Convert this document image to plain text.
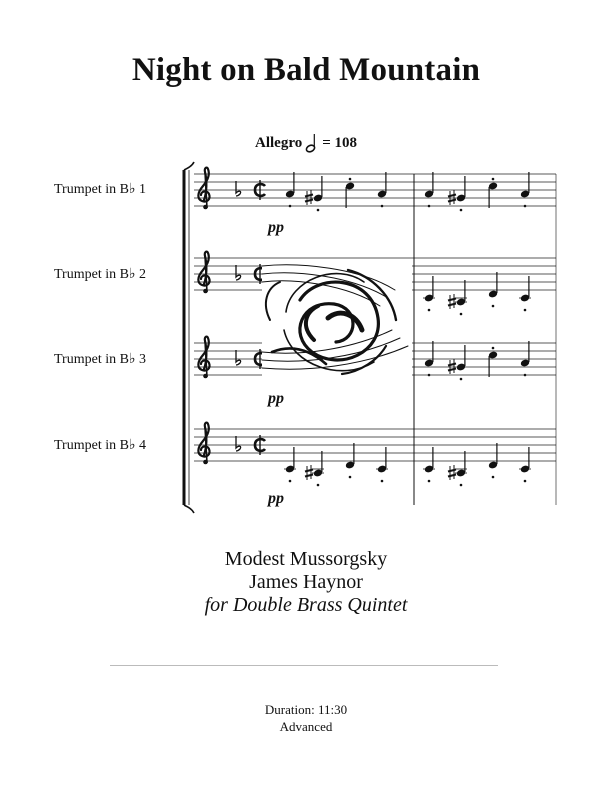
Night on Bald Mountain
Allegro = 108
Trumpet in B♭ 1
Trumpet in B♭ 2
Trumpet in B♭ 3
Trumpet in B♭ 4
pp
pp
pp
Modest Mussorgsky
James Haynor
for Double Brass Quintet
Duration: 11:30
Advanced
